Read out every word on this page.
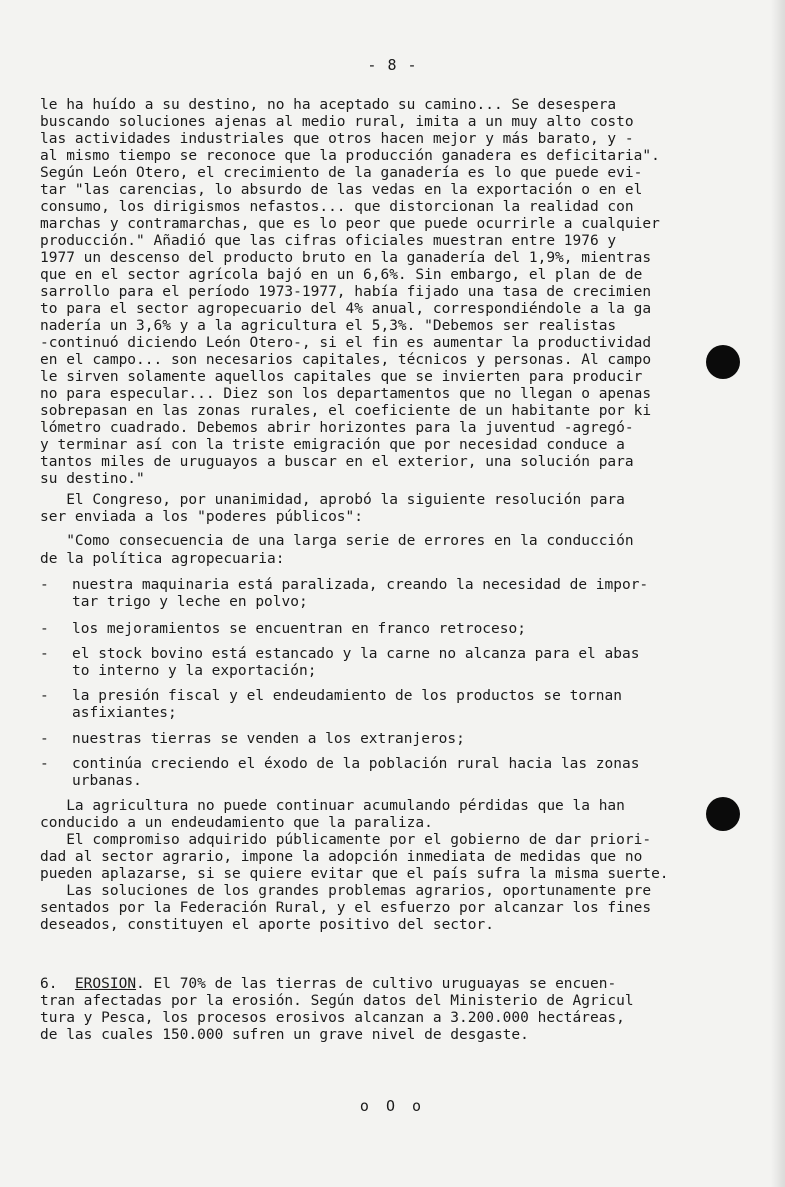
- 8 -
le ha huído a su destino, no ha aceptado su camino... Se desespera
buscando soluciones ajenas al medio rural, imita a un muy alto costo
las actividades industriales que otros hacen mejor y más barato, y -
al mismo tiempo se reconoce que la producción ganadera es deficitaria".
Según León Otero, el crecimiento de la ganadería es lo que puede evi-
tar "las carencias, lo absurdo de las vedas en la exportación o en el
consumo, los dirigismos nefastos... que distorcionan la realidad con
marchas y contramarchas, que es lo peor que puede ocurrirle a cualquier
producción." Añadió que las cifras oficiales muestran entre 1976 y
1977 un descenso del producto bruto en la ganadería del 1,9%, mientras
que en el sector agrícola bajó en un 6,6%. Sin embargo, el plan de de
sarrollo para el período 1973-1977, había fijado una tasa de crecimien
to para el sector agropecuario del 4% anual, correspondiéndole a la ga
nadería un 3,6% y a la agricultura el 5,3%. "Debemos ser realistas
-continuó diciendo León Otero-, si el fin es aumentar la productividad
en el campo... son necesarios capitales, técnicos y personas. Al campo
le sirven solamente aquellos capitales que se invierten para producir
no para especular... Diez son los departamentos que no llegan o apenas
sobrepasan en las zonas rurales, el coeficiente de un habitante por ki
lómetro cuadrado. Debemos abrir horizontes para la juventud -agregó-
y terminar así con la triste emigración que por necesidad conduce a
tantos miles de uruguayos a buscar en el exterior, una solución para
su destino."
El Congreso, por unanimidad, aprobó la siguiente resolución para
ser enviada a los "poderes públicos":
"Como consecuencia de una larga serie de errores en la conducción
de la política agropecuaria:
- nuestra maquinaria está paralizada, creando la necesidad de impor-
tar trigo y leche en polvo;
- los mejoramientos se encuentran en franco retroceso;
- el stock bovino está estancado y la carne no alcanza para el abas
to interno y la exportación;
- la presión fiscal y el endeudamiento de los productos se tornan
asfixiantes;
- nuestras tierras se venden a los extranjeros;
- continúa creciendo el éxodo de la población rural hacia las zonas
urbanas.
La agricultura no puede continuar acumulando pérdidas que la han
conducido a un endeudamiento que la paraliza.
El compromiso adquirido públicamente por el gobierno de dar priori-
dad al sector agrario, impone la adopción inmediata de medidas que no
pueden aplazarse, si se quiere evitar que el país sufra la misma suerte.
Las soluciones de los grandes problemas agrarios, oportunamente pre
sentados por la Federación Rural, y el esfuerzo por alcanzar los fines
deseados, constituyen el aporte positivo del sector.
6. EROSION. El 70% de las tierras de cultivo uruguayas se encuen-
tran afectadas por la erosión. Según datos del Ministerio de Agricul
tura y Pesca, los procesos erosivos alcanzan a 3.200.000 hectáreas,
de las cuales 150.000 sufren un grave nivel de desgaste.
o O o
